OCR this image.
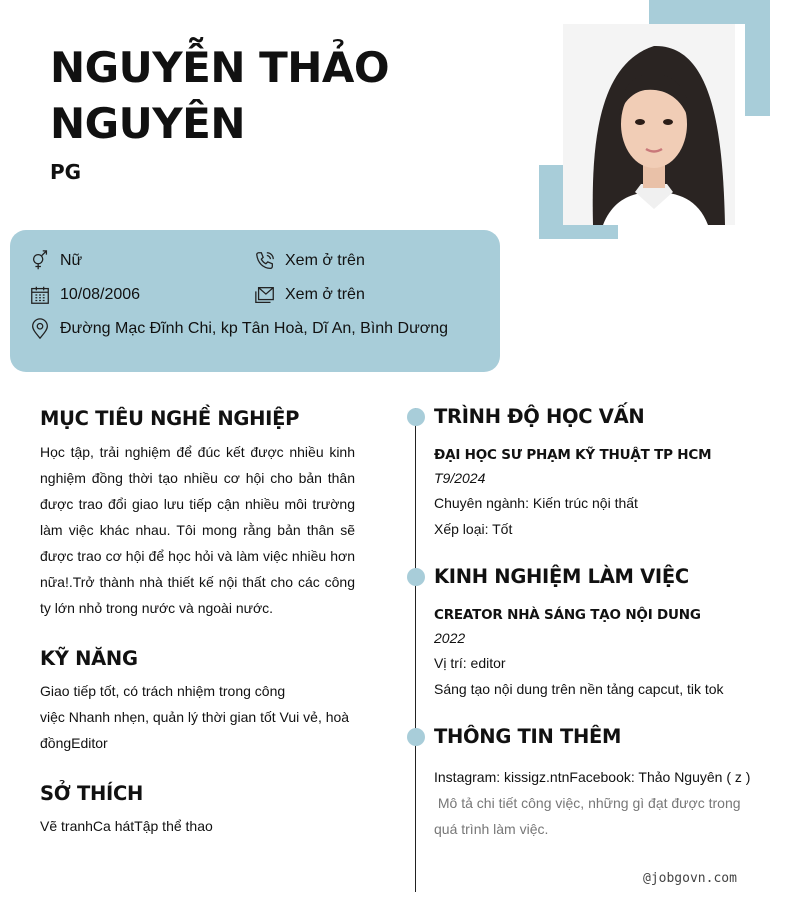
NGUYỄN THẢO
NGUYÊN
PG
Nữ	Xem ở trên
10/08/2006	Xem ở trên
Đường Mạc Đĩnh Chi, kp Tân Hoà, Dĩ An, Bình Dương
MỤC TIÊU NGHỀ NGHIỆP
Học tập, trải nghiệm để đúc kết được nhiều kinh nghiệm đồng thời tạo nhiều cơ hội cho bản thân được trao đổi giao lưu tiếp cận nhiều môi trường làm việc khác nhau. Tôi mong rằng bản thân sẽ được trao cơ hội để học hỏi và làm việc nhiều hơn nữa!.Trở thành nhà thiết kế nội thất cho các công ty lớn nhỏ trong nước và ngoài nước.
KỸ NĂNG
Giao tiếp tốt, có trách nhiệm trong công
việc Nhanh nhẹn, quản lý thời gian tốt Vui vẻ, hoà
đồngEditor
SỞ THÍCH
Vẽ tranhCa hátTập thể thao
TRÌNH ĐỘ HỌC VẤN
ĐẠI HỌC SƯ PHẠM KỸ THUẬT TP HCM
T9/2024
Chuyên ngành: Kiến trúc nội thất
Xếp loại: Tốt
KINH NGHIỆM LÀM VIỆC
CREATOR NHÀ SÁNG TẠO NỘI DUNG
2022
Vị trí: editor
Sáng tạo nội dung trên nền tảng capcut, tik tok
THÔNG TIN THÊM
Instagram: kissigz.ntnFacebook: Thảo Nguyên ( z )
Mô tả chi tiết công việc, những gì đạt được trong
quá trình làm việc.
@jobgovn.com
